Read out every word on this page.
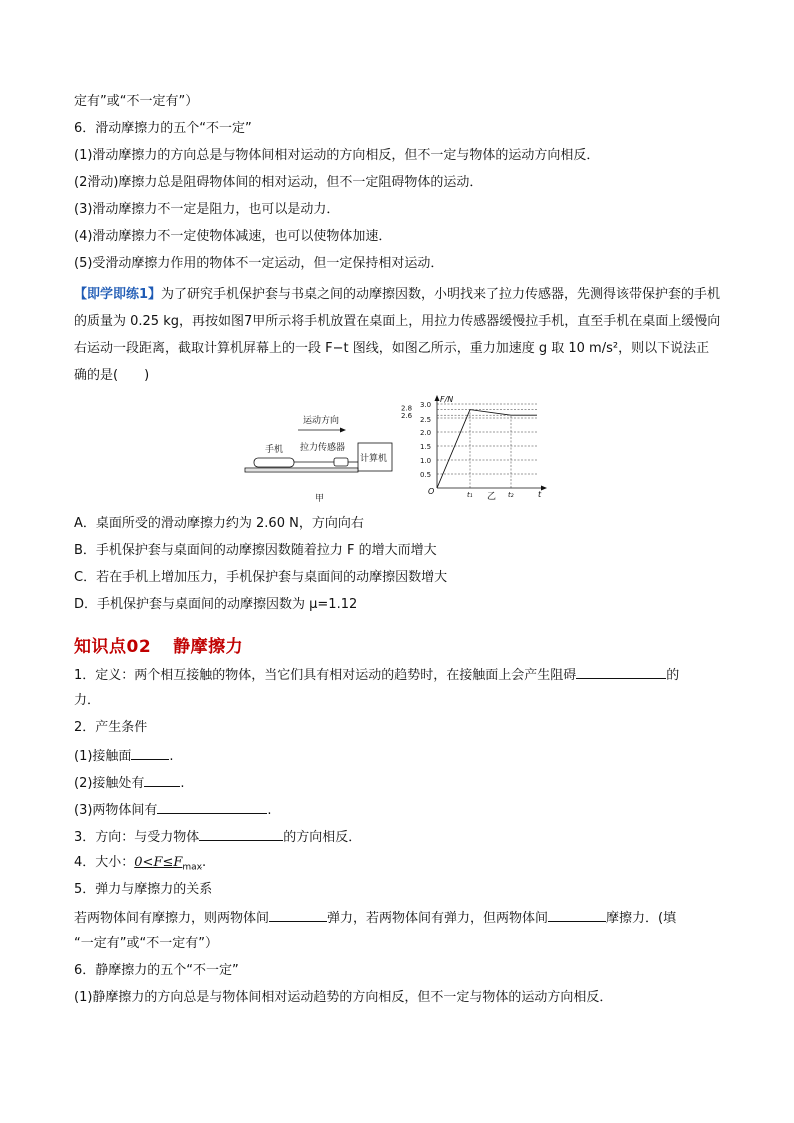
定有”或“不一定有”）
6．滑动摩擦力的五个“不一定”
(1)滑动摩擦力的方向总是与物体间相对运动的方向相反，但不一定与物体的运动方向相反．
(2滑动)摩擦力总是阻碍物体间的相对运动，但不一定阻碍物体的运动．
(3)滑动摩擦力不一定是阻力，也可以是动力．
(4)滑动摩擦力不一定使物体减速，也可以使物体加速．
(5)受滑动摩擦力作用的物体不一定运动，但一定保持相对运动．
【即学即练1】为了研究手机保护套与书桌之间的动摩擦因数，小明找来了拉力传感器，先测得该带保护套的手机的质量为 0.25 kg，再按如图7甲所示将手机放置在桌面上，用拉力传感器缓慢拉手机，直至手机在桌面上缓慢向右运动一段距离，截取计算机屏幕上的一段 F−t 图线，如图乙所示，重力加速度 g 取 10 m/s²，则以下说法正确的是(　　)
运动方向
手机 拉力传感器
计算机
甲
F/N
O	t
乙
3.0
2.8
2.6 2.5
2.0
1.5
1.0
0.5
t₁	t₂
A．桌面所受的滑动摩擦力约为 2.60 N，方向向右
B．手机保护套与桌面间的动摩擦因数随着拉力 F 的增大而增大
C．若在手机上增加压力，手机保护套与桌面间的动摩擦因数增大
D．手机保护套与桌面间的动摩擦因数为 μ=1.12
知识点02 静摩擦力
1．定义：两个相互接触的物体，当它们具有相对运动的趋势时，在接触面上会产生阻碍	的
力．
2．产生条件
(1)接触面	.
(2)接触处有	.
(3)两物体间有	.
3．方向：与受力物体	的方向相反．
4．大小：$0<F\le F_{max}$.
5．弹力与摩擦力的关系
若两物体间有摩擦力，则两物体间	弹力，若两物体间有弹力，但两物体间	摩擦力．(填
“一定有”或“不一定有”）
6．静摩擦力的五个“不一定”
(1)静摩擦力的方向总是与物体间相对运动趋势的方向相反，但不一定与物体的运动方向相反．
